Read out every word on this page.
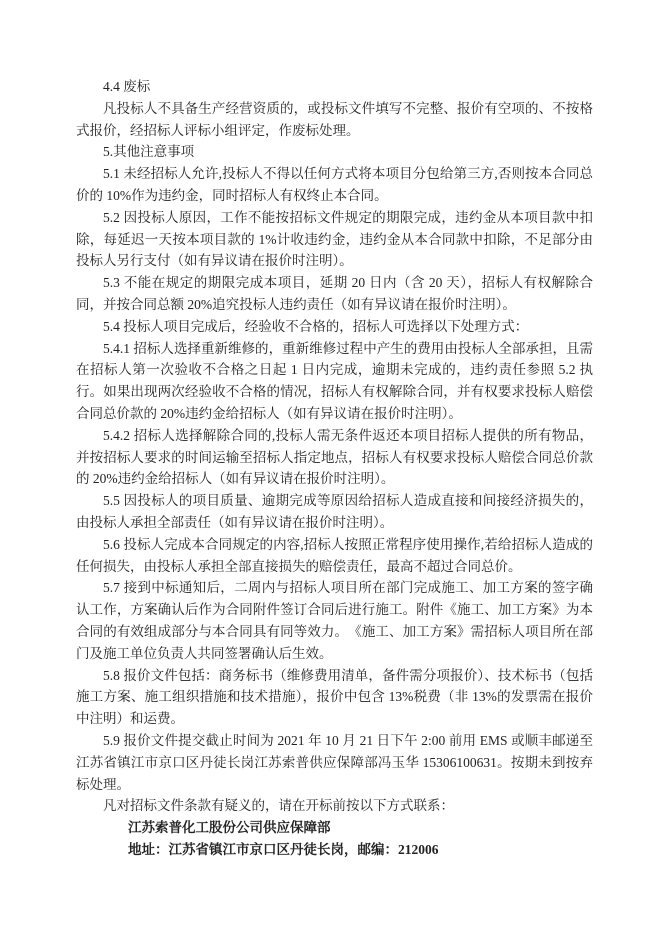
4.4 废标

凡投标人不具备生产经营资质的，或投标文件填写不完整、报价有空项的、不按格式报价，经招标人评标小组评定，作废标处理。

5.其他注意事项

5.1 未经招标人允许,投标人不得以任何方式将本项目分包给第三方,否则按本合同总价的 10%作为违约金，同时招标人有权终止本合同。

5.2 因投标人原因，工作不能按招标文件规定的期限完成，违约金从本项目款中扣除，每延迟一天按本项目款的 1%计收违约金，违约金从本合同款中扣除，不足部分由投标人另行支付（如有异议请在报价时注明）。

5.3 不能在规定的期限完成本项目，延期 20 日内（含 20 天），招标人有权解除合同，并按合同总额 20%追究投标人违约责任（如有异议请在报价时注明）。

5.4 投标人项目完成后，经验收不合格的，招标人可选择以下处理方式：

5.4.1 招标人选择重新维修的，重新维修过程中产生的费用由投标人全部承担，且需在招标人第一次验收不合格之日起 1 日内完成，逾期未完成的，违约责任参照 5.2 执行。如果出现两次经验收不合格的情况，招标人有权解除合同，并有权要求投标人赔偿合同总价款的 20%违约金给招标人（如有异议请在报价时注明）。

5.4.2 招标人选择解除合同的,投标人需无条件返还本项目招标人提供的所有物品，并按招标人要求的时间运输至招标人指定地点，招标人有权要求投标人赔偿合同总价款的 20%违约金给招标人（如有异议请在报价时注明）。

5.5 因投标人的项目质量、逾期完成等原因给招标人造成直接和间接经济损失的，由投标人承担全部责任（如有异议请在报价时注明）。

5.6 投标人完成本合同规定的内容,招标人按照正常程序使用操作,若给招标人造成的任何损失，由投标人承担全部直接损失的赔偿责任，最高不超过合同总价。

5.7 接到中标通知后，二周内与招标人项目所在部门完成施工、加工方案的签字确认工作，方案确认后作为合同附件签订合同后进行施工。附件《施工、加工方案》为本合同的有效组成部分与本合同具有同等效力。　《施工、加工方案》需招标人项目所在部门及施工单位负责人共同签署确认后生效。

5.8 报价文件包括：商务标书（维修费用清单，备件需分项报价）、技术标书（包括施工方案、施工组织措施和技术措施），报价中包含 13%税费（非 13%的发票需在报价中注明）和运费。

5.9 报价文件提交截止时间为 2021 年 10 月 21 日下午 2:00 前用 EMS 或顺丰邮递至江苏省镇江市京口区丹徒长岗江苏索普供应保障部冯玉华 15306100631。按期未到按弃标处理。

凡对招标文件条款有疑义的，请在开标前按以下方式联系：

江苏索普化工股份公司供应保障部

地址：江苏省镇江市京口区丹徒长岗，邮编：212006
